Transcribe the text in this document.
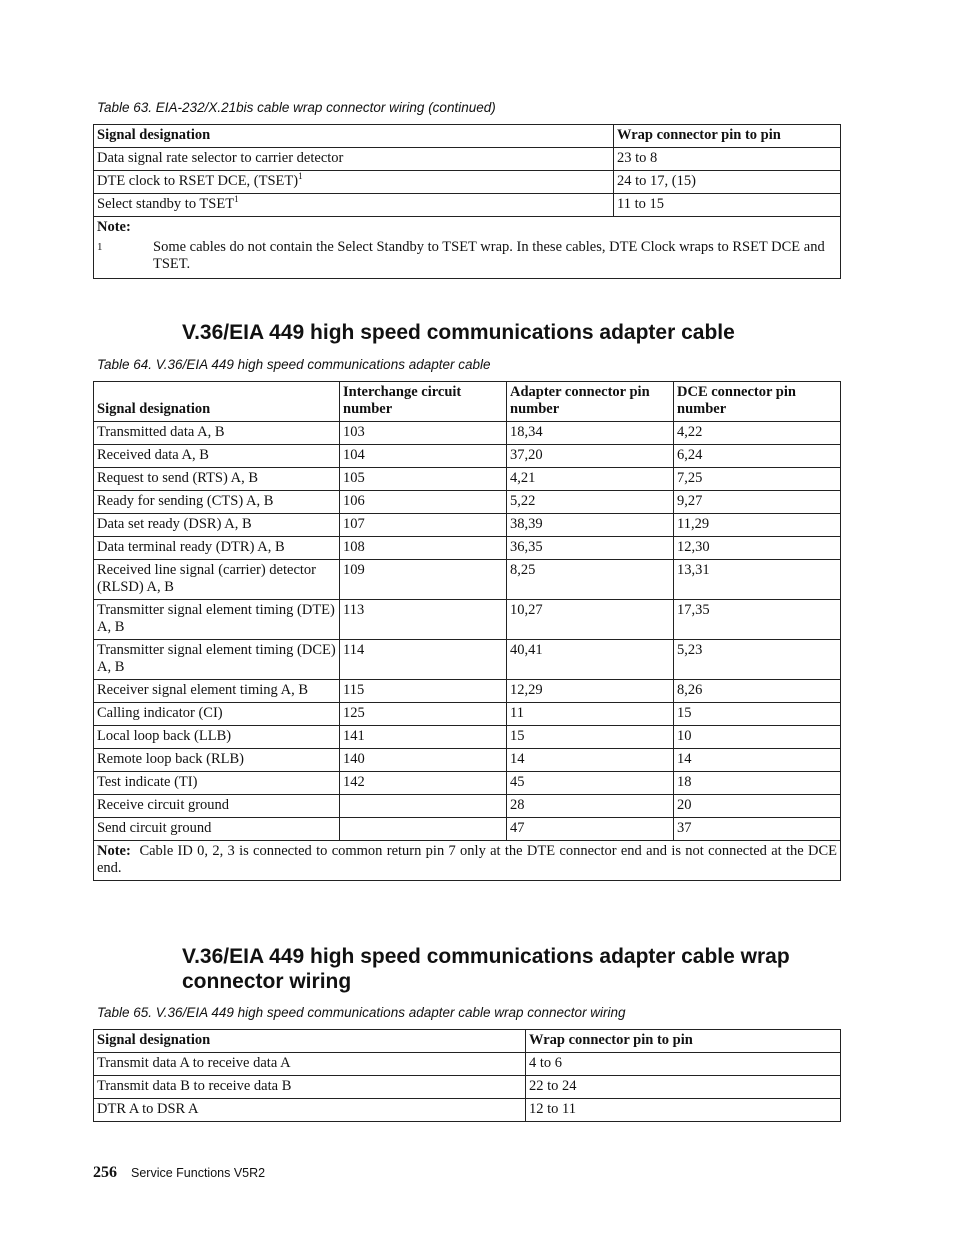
Table 63. EIA-232/X.21bis cable wrap connector wiring (continued)
Signal designation	Wrap connector pin to pin
Data signal rate selector to carrier detector	23 to 8
DTE clock to RSET DCE, (TSET)$^1$	24 to 17, (15)
Select standby to TSET$^1$	11 to 15

Note:
1 Some cables do not contain the Select Standby to TSET wrap. In these cables, DTE Clock wraps to RSET DCE and TSET.	
V.36/EIA 449 high speed communications adapter cable
Table 64. V.36/EIA 449 high speed communications adapter cable
Signal designation	Interchange circuit number	Adapter connector pin number	DCE connector pin number
Transmitted data A, B	103	18,34	4,22
Received data A, B	104	37,20	6,24
Request to send (RTS) A, B	105	4,21	7,25
Ready for sending (CTS) A, B	106	5,22	9,27
Data set ready (DSR) A, B	107	38,39	11,29
Data terminal ready (DTR) A, B	108	36,35	12,30
Received line signal (carrier) detector (RLSD) A, B	109	8,25	13,31
Transmitter signal element timing (DTE) A, B	113	10,27	17,35
Transmitter signal element timing (DCE) A, B	114	40,41	5,23
Receiver signal element timing A, B	115	12,29	8,26
Calling indicator (CI)	125	11	15
Local loop back (LLB)	141	15	10
Remote loop back (RLB)	140	14	14
Test indicate (TI)	142	45	18
Receive circuit ground		28	20
Send circuit ground		47	37
Note: Cable ID 0, 2, 3 is connected to common return pin 7 only at the DTE connector end and is not connected at the DCE end.			
V.36/EIA 449 high speed communications adapter cable wrap connector wiring
Table 65. V.36/EIA 449 high speed communications adapter cable wrap connector wiring
Signal designation	Wrap connector pin to pin
Transmit data A to receive data A	4 to 6
Transmit data B to receive data B	22 to 24
DTR A to DSR A	12 to 11
256 Service Functions V5R2
